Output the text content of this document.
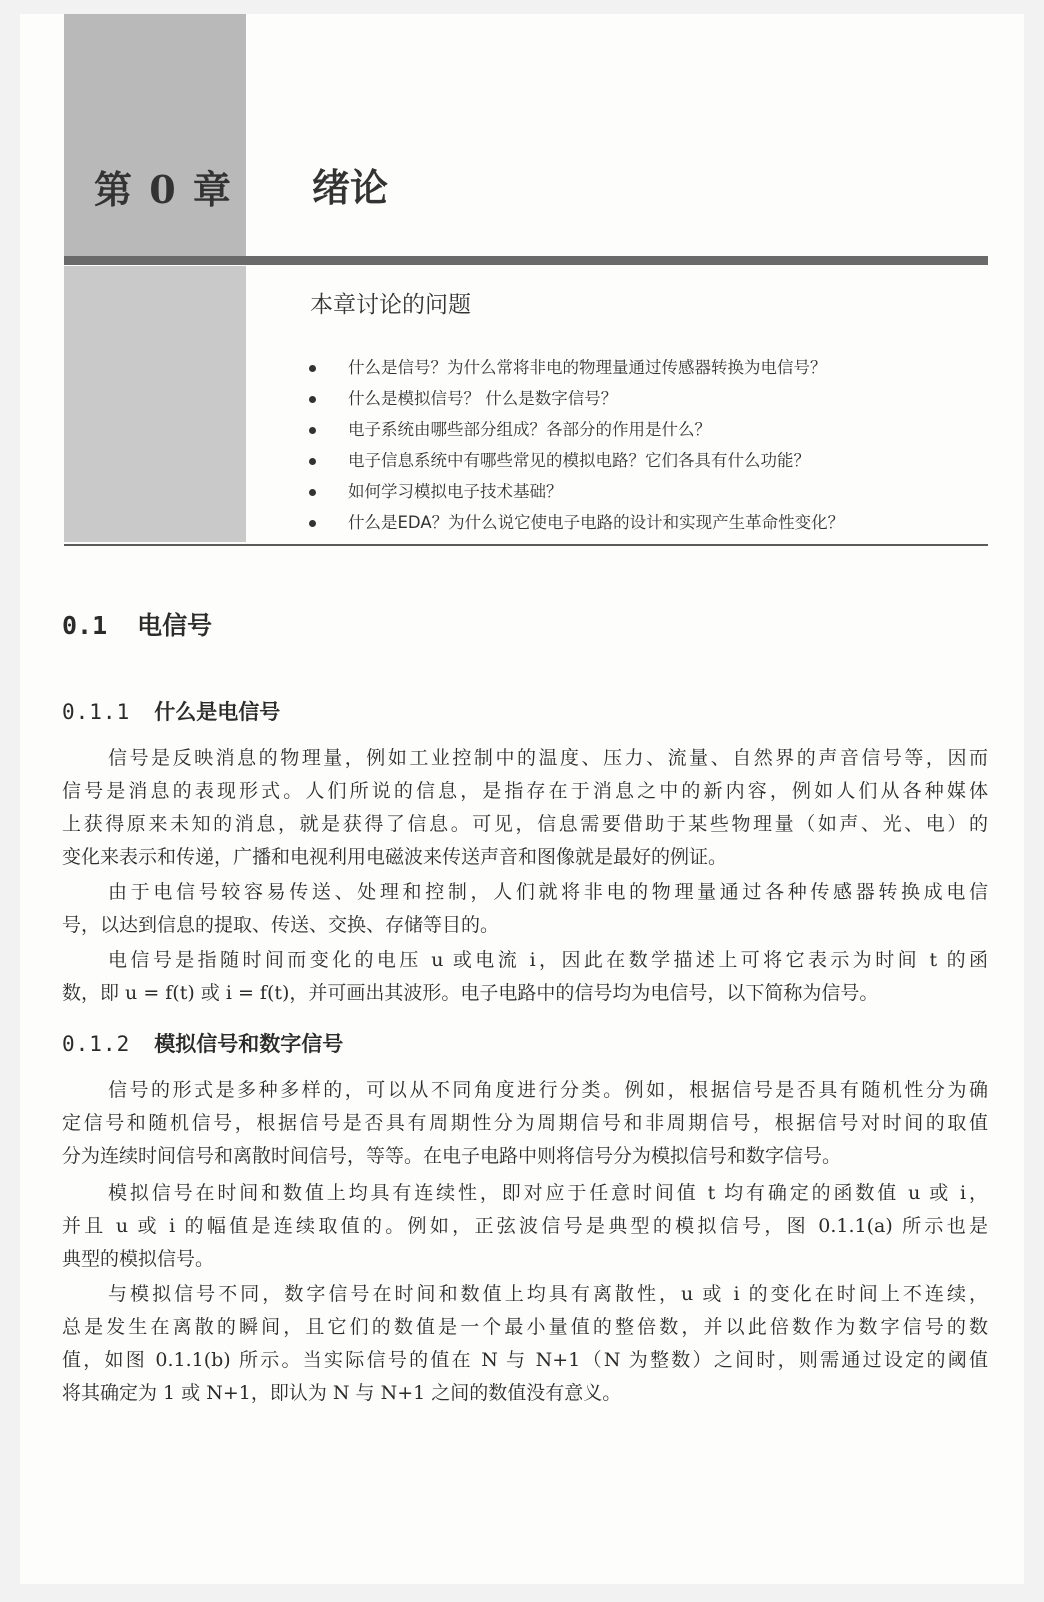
第 0 章 绪论
本章讨论的问题
什么是信号？为什么常将非电的物理量通过传感器转换为电信号？
什么是模拟信号？ 什么是数字信号？
电子系统由哪些部分组成？各部分的作用是什么？
电子信息系统中有哪些常见的模拟电路？它们各具有什么功能？
如何学习模拟电子技术基础？
什么是EDA？为什么说它使电子电路的设计和实现产生革命性变化？
0.1 电信号
0.1.1 什么是电信号
信号是反映消息的物理量，例如工业控制中的温度、压力、流量、自然界的声音信号等，因而
信号是消息的表现形式。人们所说的信息，是指存在于消息之中的新内容，例如人们从各种媒体
上获得原来未知的消息，就是获得了信息。可见，信息需要借助于某些物理量（如声、光、电）的
变化来表示和传递，广播和电视利用电磁波来传送声音和图像就是最好的例证。
由于电信号较容易传送、处理和控制，人们就将非电的物理量通过各种传感器转换成电信
号，以达到信息的提取、传送、交换、存储等目的。
电信号是指随时间而变化的电压 u 或电流 i，因此在数学描述上可将它表示为时间 t 的函
数，即 u = f(t) 或 i = f(t)，并可画出其波形。电子电路中的信号均为电信号，以下简称为信号。
0.1.2 模拟信号和数字信号
信号的形式是多种多样的，可以从不同角度进行分类。例如，根据信号是否具有随机性分为确
定信号和随机信号，根据信号是否具有周期性分为周期信号和非周期信号，根据信号对时间的取值
分为连续时间信号和离散时间信号，等等。在电子电路中则将信号分为模拟信号和数字信号。
模拟信号在时间和数值上均具有连续性，即对应于任意时间值 t 均有确定的函数值 u 或 i，
并且 u 或 i 的幅值是连续取值的。例如，正弦波信号是典型的模拟信号，图 0.1.1(a) 所示也是
典型的模拟信号。
与模拟信号不同，数字信号在时间和数值上均具有离散性，u 或 i 的变化在时间上不连续，
总是发生在离散的瞬间，且它们的数值是一个最小量值的整倍数，并以此倍数作为数字信号的数
值，如图 0.1.1(b) 所示。当实际信号的值在 N 与 N+1（N 为整数）之间时，则需通过设定的阈值
将其确定为 1 或 N+1，即认为 N 与 N+1 之间的数值没有意义。
